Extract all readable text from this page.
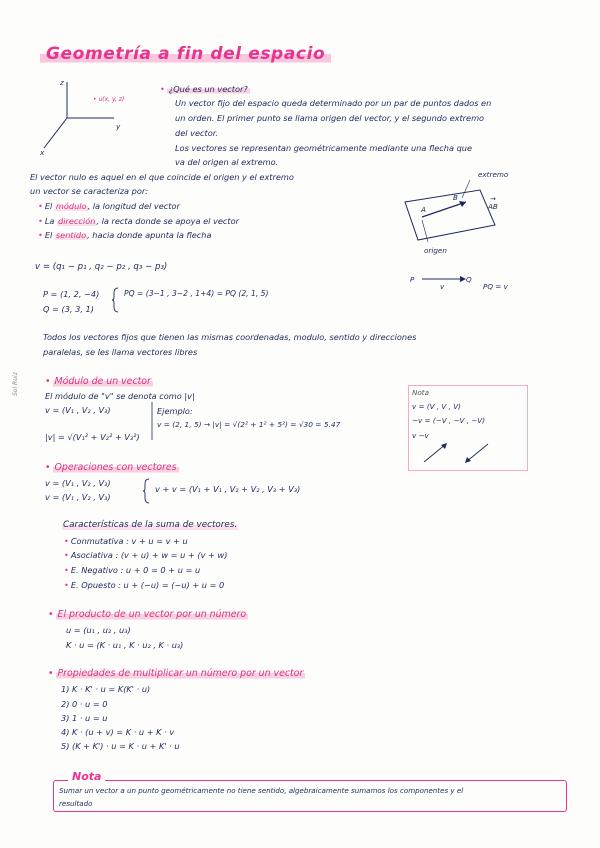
Geometría a fin del espacio
z
y
x
• u(x, y, z)
• ¿Qué es un vector?
Un vector fijo del espacio queda determinado por un par de puntos dados en
un orden. El primer punto se llama origen del vector, y el segundo extremo
del vector.
Los vectores se representan geométricamente mediante una flecha que
va del origen al extremo.
El vector nulo es aquel en el que coincide el origen y el extremo
un vector se caracteriza por:
• El módulo, la longitud del vector
• La dirección, la recta donde se apoya el vector
• El sentido, hacia donde apunta la flecha
extremo
A
B
origen
→ AB
v = (q₁ − p₁ , q₂ − p₂ , q₃ − p₃)
P = (1, 2, −4)
Q = (3, 3, 1)
PQ = (3−1 , 3−2 , 1+4) = PQ (2, 1, 5)
P	Q
v	PQ = v
Todos los vectores fijos que tienen las mismas coordenadas, modulo, sentido y direcciones
paralelas, se les llama vectores libres
Sol Ruiz	• Módulo de un vector
El módulo de "v" se denota como |v|
v = (V₁ , V₂ , V₃)
|v| = √(V₁² + V₂² + V₃²)
Ejemplo:
v = (2, 1, 5) → |v| = √(2² + 1² + 5²) = √30 = 5.47
Nota
v = (V , V , V)
−v = (−V , −V , −V)
v −v
• Operaciones con vectores
v = (V₁ , V₂ , V₃)
v = (V₁ , V₂ , V₃)
v + v = (V₁ + V₁ , V₂ + V₂ , V₃ + V₃)
Características de la suma de vectores.
• Conmutativa : v + u = v + u
• Asociativa : (v + u) + w = u + (v + w)
• E. Negativo : u + 0 = 0 + u = u
• E. Opuesto : u + (−u) = (−u) + u = 0
• El producto de un vector por un número
u = (u₁ , u₂ , u₃)
K · u = (K · u₁ , K · u₂ , K · u₃)
• Propiedades de multiplicar un número por un vector
1) K · K' · u = K(K' · u)
2) 0 · u = 0
3) 1 · u = u
4) K · (u + v) = K · u + K · v
5) (K + K') · u = K · u + K' · u
Nota
Sumar un vector a un punto geométricamente no tiene sentido, algebraicamente sumamos los componentes y el
resultado
